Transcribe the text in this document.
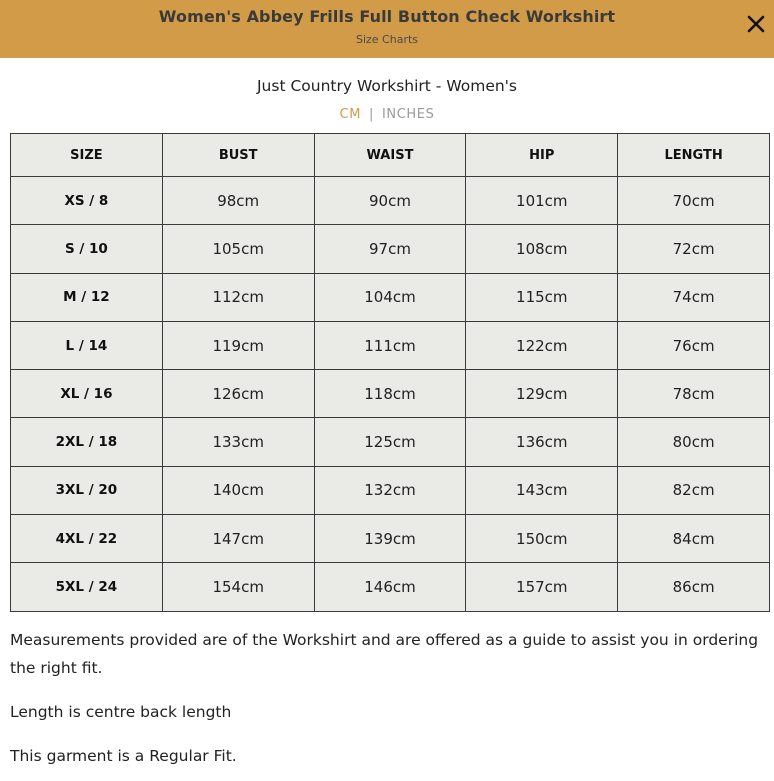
Women's Abbey Frills Full Button Check Workshirt
Size Charts
Just Country Workshirt - Women's
CM | INCHES
SIZE	BUST	WAIST	HIP	LENGTH
XS / 8	98cm	90cm	101cm	70cm
S / 10	105cm	97cm	108cm	72cm
M / 12	112cm	104cm	115cm	74cm
L / 14	119cm	111cm	122cm	76cm
XL / 16	126cm	118cm	129cm	78cm
2XL / 18	133cm	125cm	136cm	80cm
3XL / 20	140cm	132cm	143cm	82cm
4XL / 22	147cm	139cm	150cm	84cm
5XL / 24	154cm	146cm	157cm	86cm

Measurements provided are of the Workshirt and are offered as a guide to assist you in ordering the right fit.

Length is centre back length

This garment is a Regular Fit.
